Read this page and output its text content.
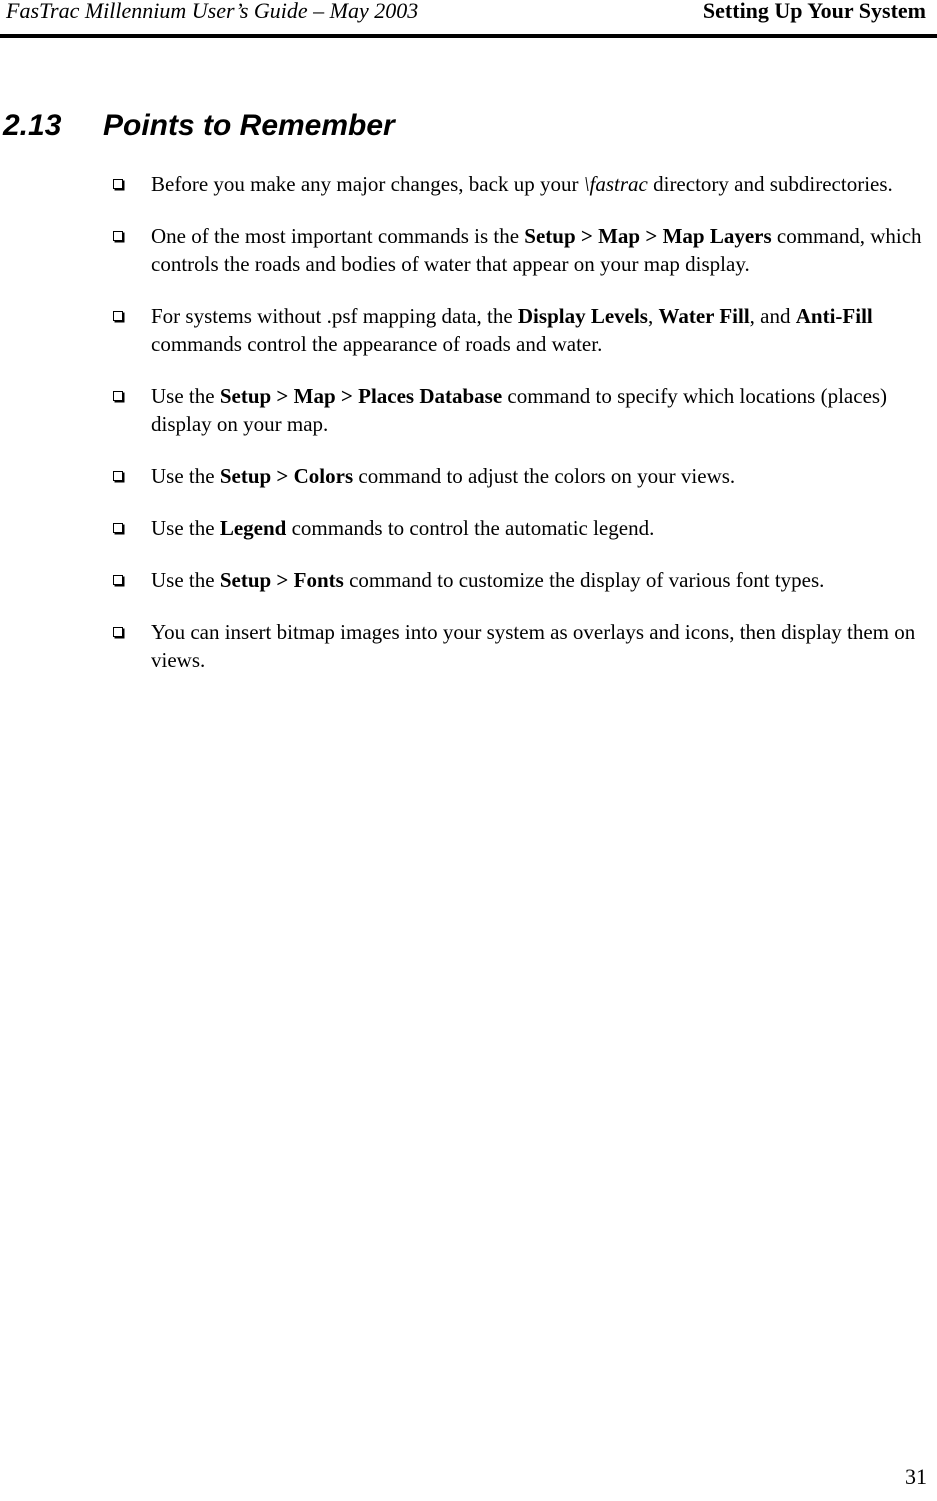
FasTrac Millennium User’s Guide – May 2003	Setting Up Your System
2.13 Points to Remember
Before you make any major changes, back up your \fastrac directory and subdirectories.
One of the most important commands is the Setup > Map > Map Layers command, which controls the roads and bodies of water that appear on your map display.
For systems without .psf mapping data, the Display Levels, Water Fill, and Anti-Fill commands control the appearance of roads and water.
Use the Setup > Map > Places Database command to specify which locations (places) display on your map.
Use the Setup > Colors command to adjust the colors on your views.
Use the Legend commands to control the automatic legend.
Use the Setup > Fonts command to customize the display of various font types.
You can insert bitmap images into your system as overlays and icons, then display them on views.
31
